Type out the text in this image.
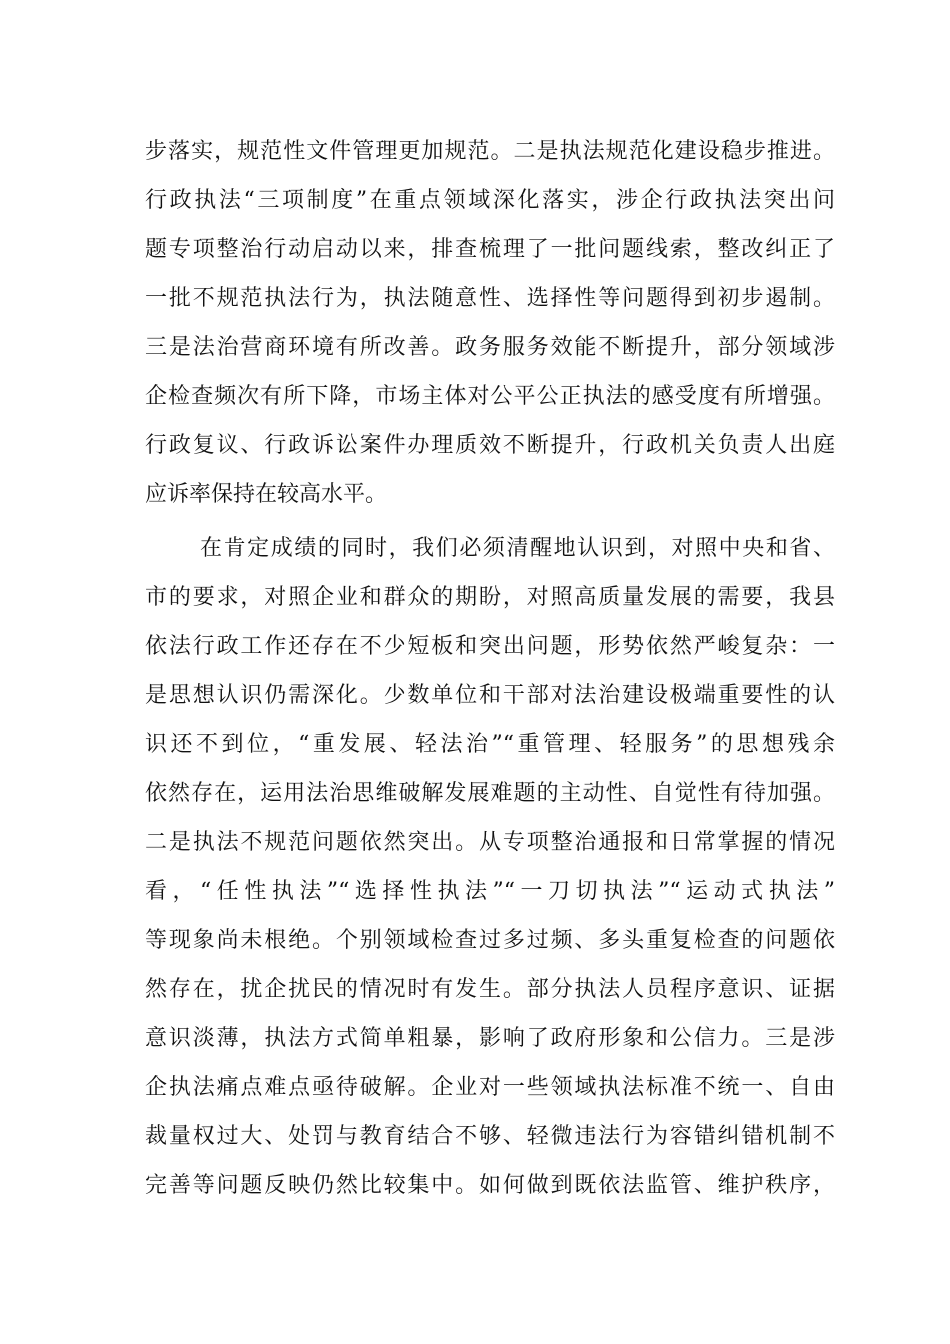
步落实，规范性文件管理更加规范。二是执法规范化建设稳步推进。
行政执法“三项制度”在重点领域深化落实，涉企行政执法突出问
题专项整治行动启动以来，排查梳理了一批问题线索，整改纠正了
一批不规范执法行为，执法随意性、选择性等问题得到初步遏制。
三是法治营商环境有所改善。政务服务效能不断提升，部分领域涉
企检查频次有所下降，市场主体对公平公正执法的感受度有所增强。
行政复议、行政诉讼案件办理质效不断提升，行政机关负责人出庭
应诉率保持在较高水平。
在肯定成绩的同时，我们必须清醒地认识到，对照中央和省、
市的要求，对照企业和群众的期盼，对照高质量发展的需要，我县
依法行政工作还存在不少短板和突出问题，形势依然严峻复杂：一
是思想认识仍需深化。少数单位和干部对法治建设极端重要性的认
识还不到位，“重发展、轻法治”“重管理、轻服务”的思想残余
依然存在，运用法治思维破解发展难题的主动性、自觉性有待加强。
二是执法不规范问题依然突出。从专项整治通报和日常掌握的情况
看，“任性执法”“选择性执法”“一刀切执法”“运动式执法”
等现象尚未根绝。个别领域检查过多过频、多头重复检查的问题依
然存在，扰企扰民的情况时有发生。部分执法人员程序意识、证据
意识淡薄，执法方式简单粗暴，影响了政府形象和公信力。三是涉
企执法痛点难点亟待破解。企业对一些领域执法标准不统一、自由
裁量权过大、处罚与教育结合不够、轻微违法行为容错纠错机制不
完善等问题反映仍然比较集中。如何做到既依法监管、维护秩序，
